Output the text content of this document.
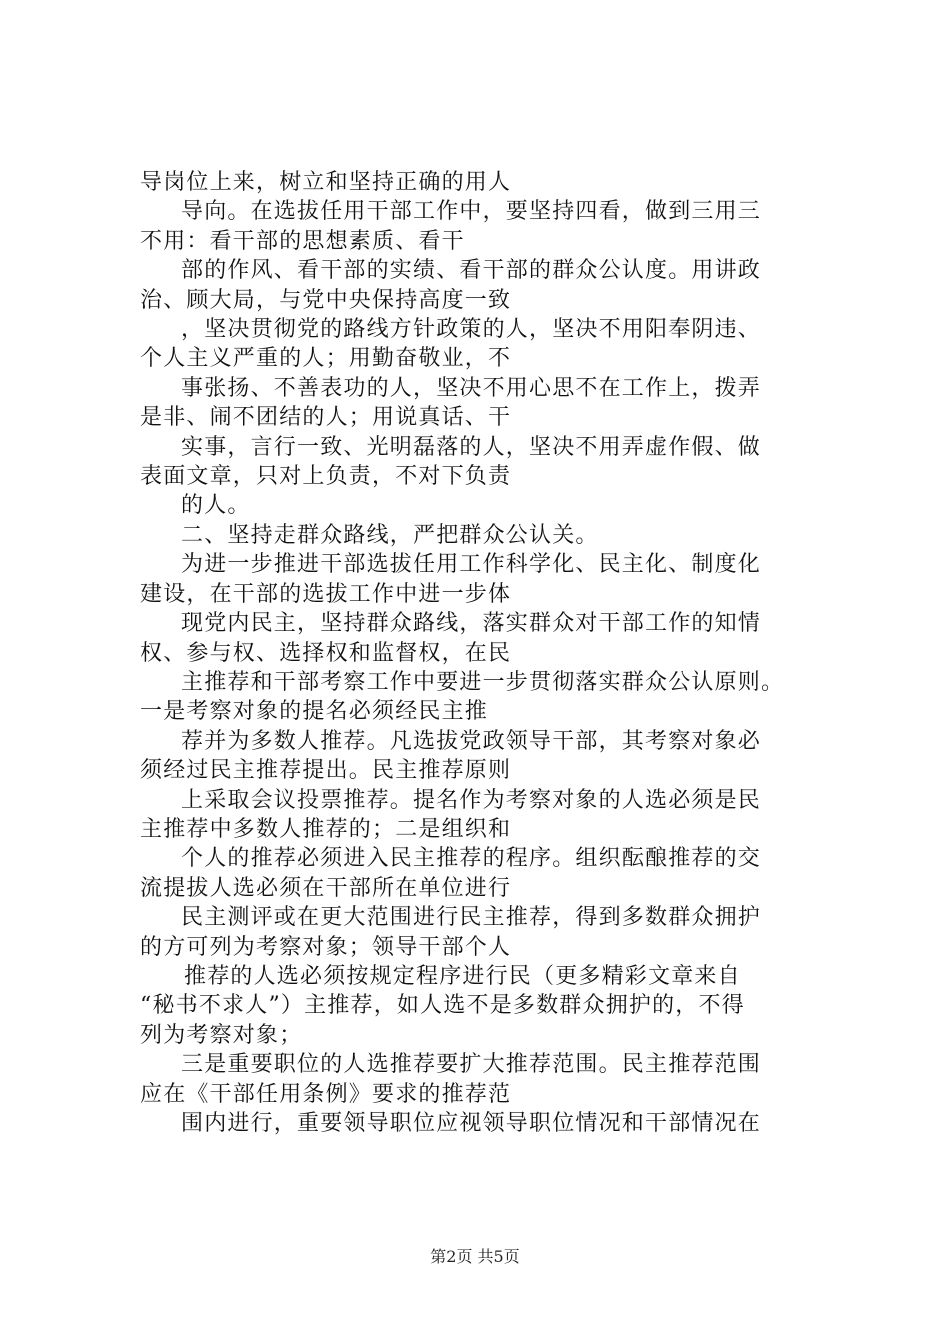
导岗位上来，树立和坚持正确的用人
导向。在选拔任用干部工作中，要坚持四看，做到三用三
不用：看干部的思想素质、看干
部的作风、看干部的实绩、看干部的群众公认度。用讲政
治、顾大局，与党中央保持高度一致
，坚决贯彻党的路线方针政策的人，坚决不用阳奉阴违、
个人主义严重的人；用勤奋敬业，不
事张扬、不善表功的人，坚决不用心思不在工作上，拨弄
是非、闹不团结的人；用说真话、干
实事，言行一致、光明磊落的人，坚决不用弄虚作假、做
表面文章，只对上负责，不对下负责
的人。
二、坚持走群众路线，严把群众公认关。
为进一步推进干部选拔任用工作科学化、民主化、制度化
建设，在干部的选拔工作中进一步体
现党内民主，坚持群众路线，落实群众对干部工作的知情
权、参与权、选择权和监督权，在民
主推荐和干部考察工作中要进一步贯彻落实群众公认原则。
一是考察对象的提名必须经民主推
荐并为多数人推荐。凡选拔党政领导干部，其考察对象必
须经过民主推荐提出。民主推荐原则
上采取会议投票推荐。提名作为考察对象的人选必须是民
主推荐中多数人推荐的；二是组织和
个人的推荐必须进入民主推荐的程序。组织酝酿推荐的交
流提拔人选必须在干部所在单位进行
民主测评或在更大范围进行民主推荐，得到多数群众拥护
的方可列为考察对象；领导干部个人
推荐的人选必须按规定程序进行民（更多精彩文章来自
“秘书不求人”）主推荐，如人选不是多数群众拥护的，不得
列为考察对象；
三是重要职位的人选推荐要扩大推荐范围。民主推荐范围
应在《干部任用条例》要求的推荐范
围内进行，重要领导职位应视领导职位情况和干部情况在
第2页 共5页
